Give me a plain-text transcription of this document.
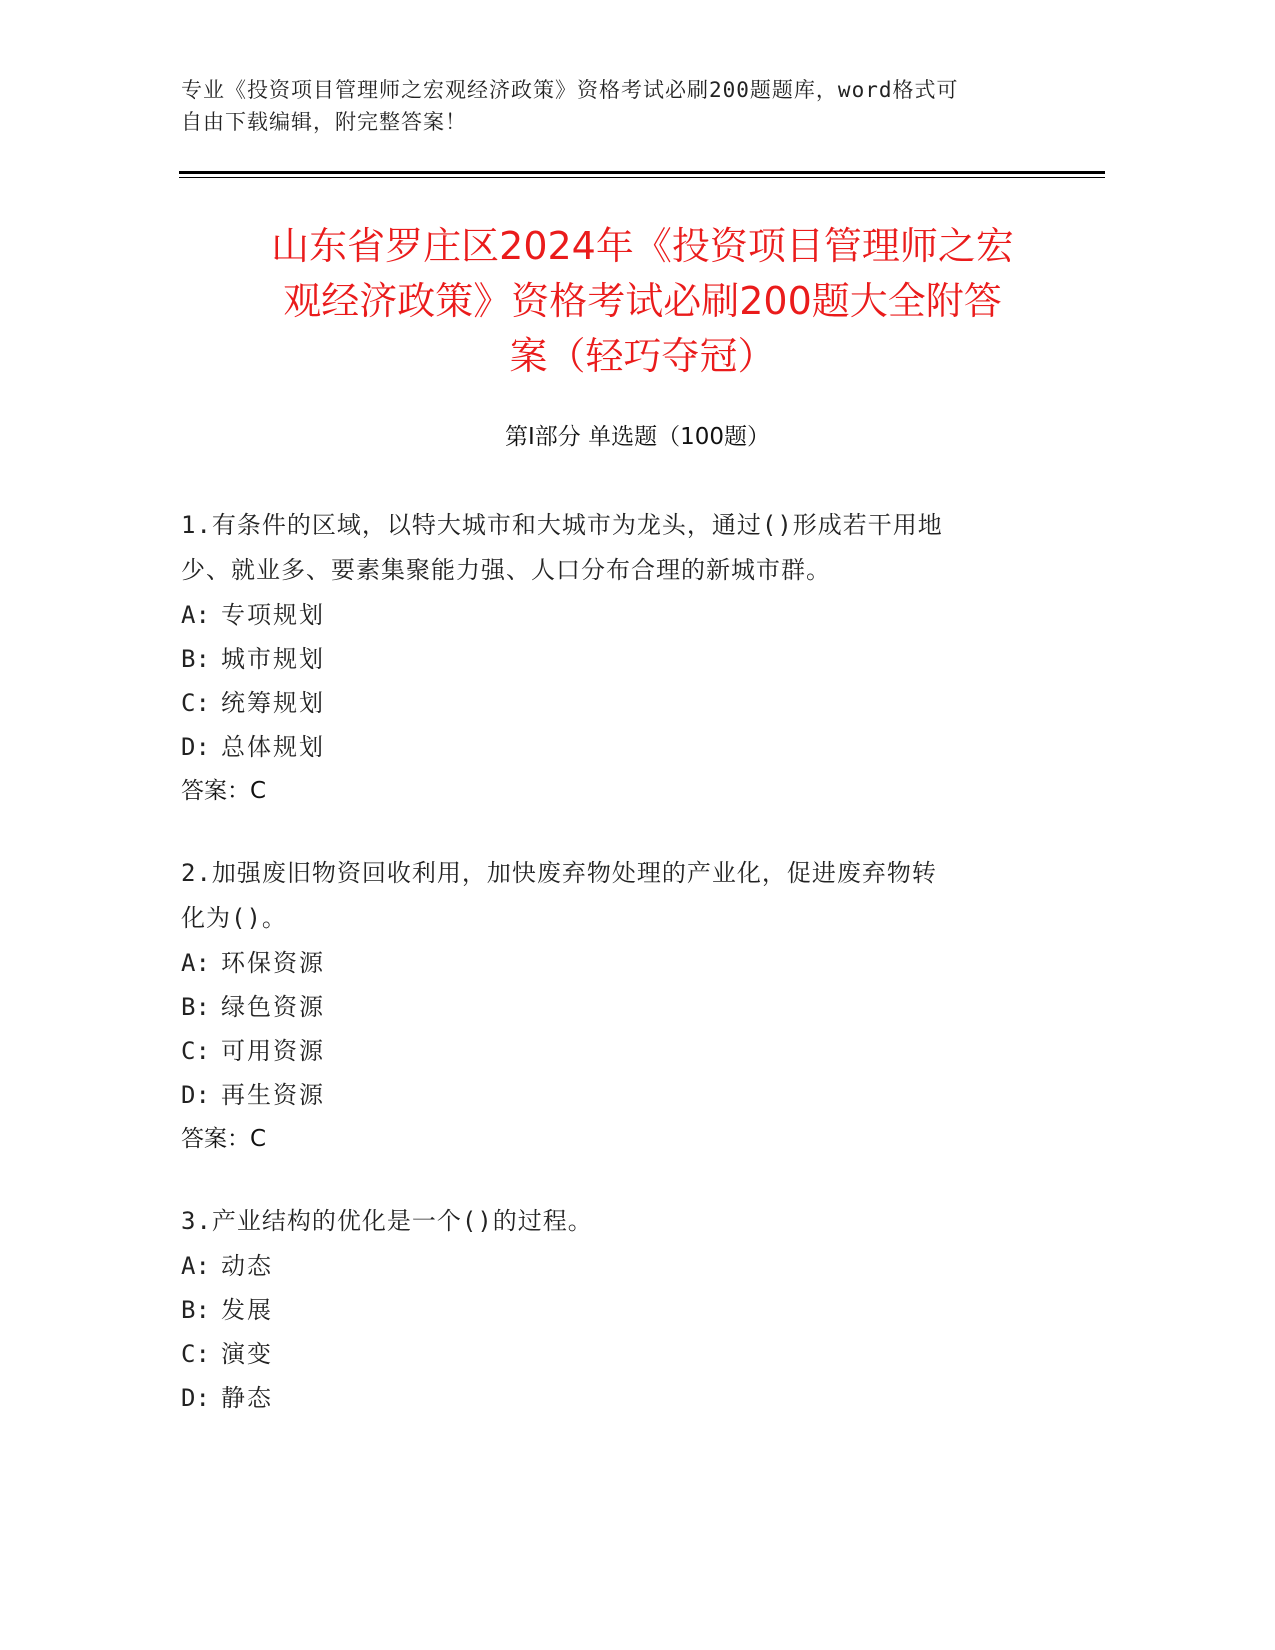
专业《投资项目管理师之宏观经济政策》资格考试必刷200题题库，word格式可
自由下载编辑，附完整答案！
山东省罗庄区2024年《投资项目管理师之宏
观经济政策》资格考试必刷200题大全附答
案（轻巧夺冠）
第Ⅰ部分 单选题（100题）
1.有条件的区域，以特大城市和大城市为龙头，通过()形成若干用地
少、就业多、要素集聚能力强、人口分布合理的新城市群。
A: 专项规划
B: 城市规划
C: 统筹规划
D: 总体规划
答案：C
2.加强废旧物资回收利用，加快废弃物处理的产业化，促进废弃物转
化为()。
A: 环保资源
B: 绿色资源
C: 可用资源
D: 再生资源
答案：C
3.产业结构的优化是一个()的过程。
A: 动态
B: 发展
C: 演变
D: 静态
